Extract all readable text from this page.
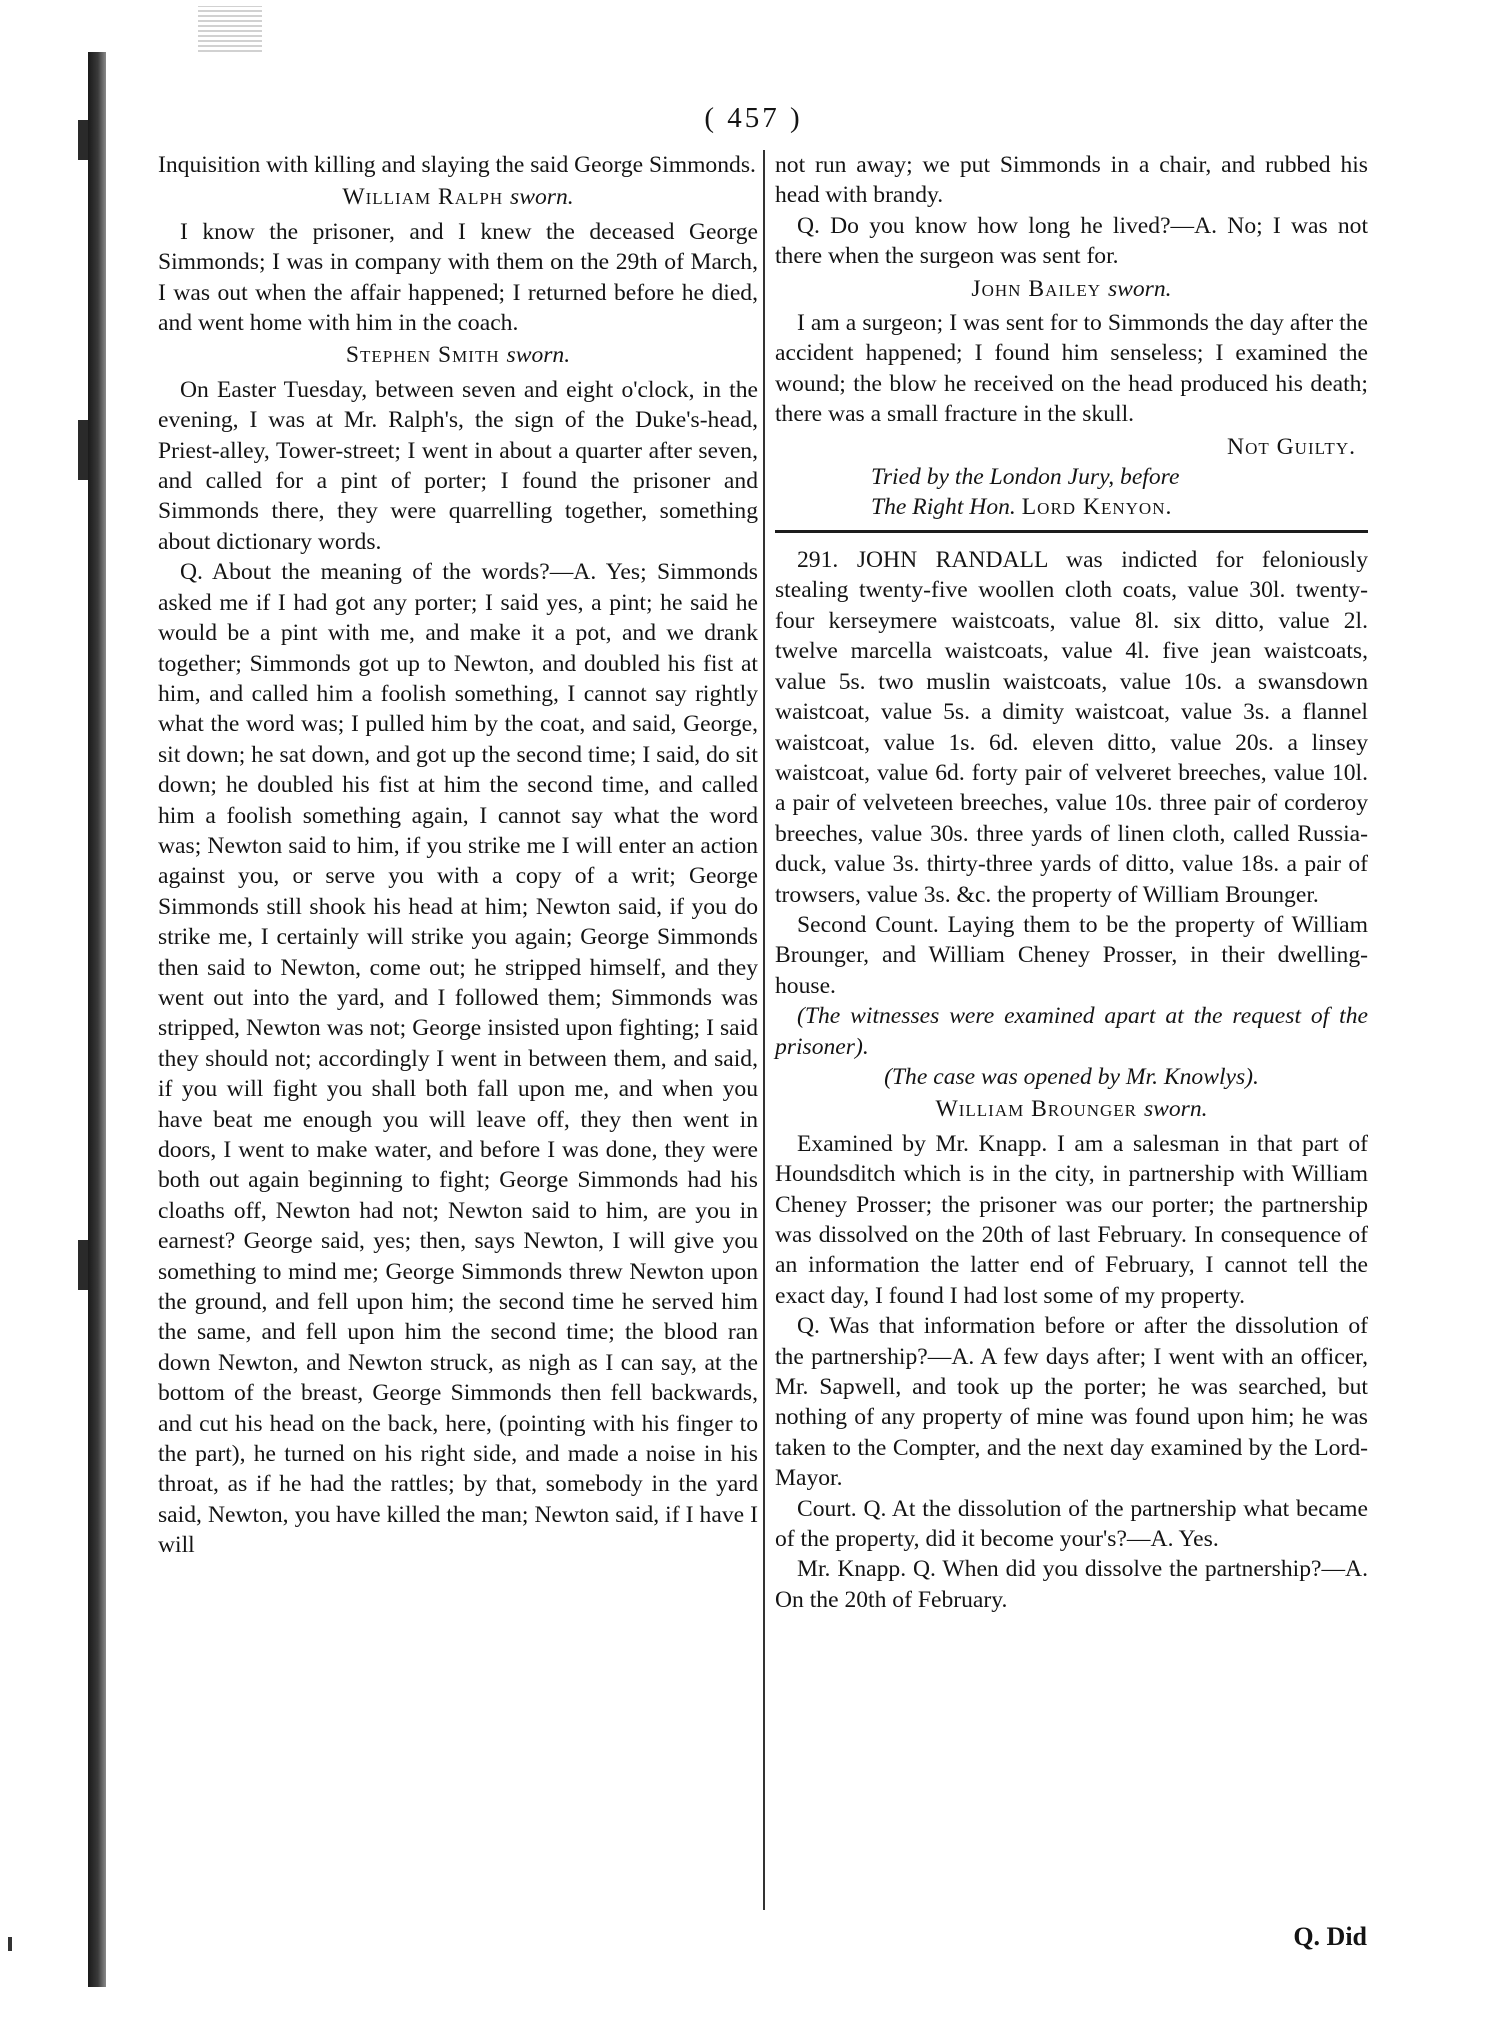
( 457 )

Inquisition with killing and slaying the said George Simmonds.

William Ralph sworn.

I know the prisoner, and I knew the deceased George Simmonds; I was in company with them on the 29th of March, I was out when the affair happened; I returned before he died, and went home with him in the coach.

Stephen Smith sworn.

On Easter Tuesday, between seven and eight o'clock, in the evening, I was at Mr. Ralph's, the sign of the Duke's-head, Priest-alley, Tower-street; I went in about a quarter after seven, and called for a pint of porter; I found the prisoner and Simmonds there, they were quarrelling together, something about dictionary words.

Q. About the meaning of the words?—A. Yes; Simmonds asked me if I had got any porter; I said yes, a pint; he said he would be a pint with me, and make it a pot, and we drank together; Simmonds got up to Newton, and doubled his fist at him, and called him a foolish something, I cannot say rightly what the word was; I pulled him by the coat, and said, George, sit down; he sat down, and got up the second time; I said, do sit down; he doubled his fist at him the second time, and called him a foolish something again, I cannot say what the word was; Newton said to him, if you strike me I will enter an action against you, or serve you with a copy of a writ; George Simmonds still shook his head at him; Newton said, if you do strike me, I certainly will strike you again; George Simmonds then said to Newton, come out; he stripped himself, and they went out into the yard, and I followed them; Simmonds was stripped, Newton was not; George insisted upon fighting; I said they should not; accordingly I went in between them, and said, if you will fight you shall both fall upon me, and when you have beat me enough you will leave off, they then went in doors, I went to make water, and before I was done, they were both out again beginning to fight; George Simmonds had his cloaths off, Newton had not; Newton said to him, are you in earnest? George said, yes; then, says Newton, I will give you something to mind me; George Simmonds threw Newton upon the ground, and fell upon him; the second time he served him the same, and fell upon him the second time; the blood ran down Newton, and Newton struck, as nigh as I can say, at the bottom of the breast, George Simmonds then fell backwards, and cut his head on the back, here, (pointing with his finger to the part), he turned on his right side, and made a noise in his throat, as if he had the rattles; by that, somebody in the yard said, Newton, you have killed the man; Newton said, if I have I will

not run away; we put Simmonds in a chair, and rubbed his head with brandy.

Q. Do you know how long he lived?—A. No; I was not there when the surgeon was sent for.

John Bailey sworn.

I am a surgeon; I was sent for to Simmonds the day after the accident happened; I found him senseless; I examined the wound; the blow he received on the head produced his death; there was a small fracture in the skull.

Not Guilty.
Tried by the London Jury, before
The Right Hon. Lord Kenyon.

291. JOHN RANDALL was indicted for feloniously stealing twenty-five woollen cloth coats, value 30l. twenty-four kerseymere waistcoats, value 8l. six ditto, value 2l. twelve marcella waistcoats, value 4l. five jean waistcoats, value 5s. two muslin waistcoats, value 10s. a swansdown waistcoat, value 5s. a dimity waistcoat, value 3s. a flannel waistcoat, value 1s. 6d. eleven ditto, value 20s. a linsey waistcoat, value 6d. forty pair of velveret breeches, value 10l. a pair of velveteen breeches, value 10s. three pair of corderoy breeches, value 30s. three yards of linen cloth, called Russia-duck, value 3s. thirty-three yards of ditto, value 18s. a pair of trowsers, value 3s. &c. the property of William Brounger.

Second Count. Laying them to be the property of William Brounger, and William Cheney Prosser, in their dwelling-house.

(The witnesses were examined apart at the request of the prisoner).

(The case was opened by Mr. Knowlys).

William Brounger sworn.

Examined by Mr. Knapp. I am a salesman in that part of Houndsditch which is in the city, in partnership with William Cheney Prosser; the prisoner was our porter; the partnership was dissolved on the 20th of last February. In consequence of an information the latter end of February, I cannot tell the exact day, I found I had lost some of my property.

Q. Was that information before or after the dissolution of the partnership?—A. A few days after; I went with an officer, Mr. Sapwell, and took up the porter; he was searched, but nothing of any property of mine was found upon him; he was taken to the Compter, and the next day examined by the Lord-Mayor.

Court. Q. At the dissolution of the partnership what became of the property, did it become your's?—A. Yes.

Mr. Knapp. Q. When did you dissolve the partnership?—A. On the 20th of February.

Q. Did
